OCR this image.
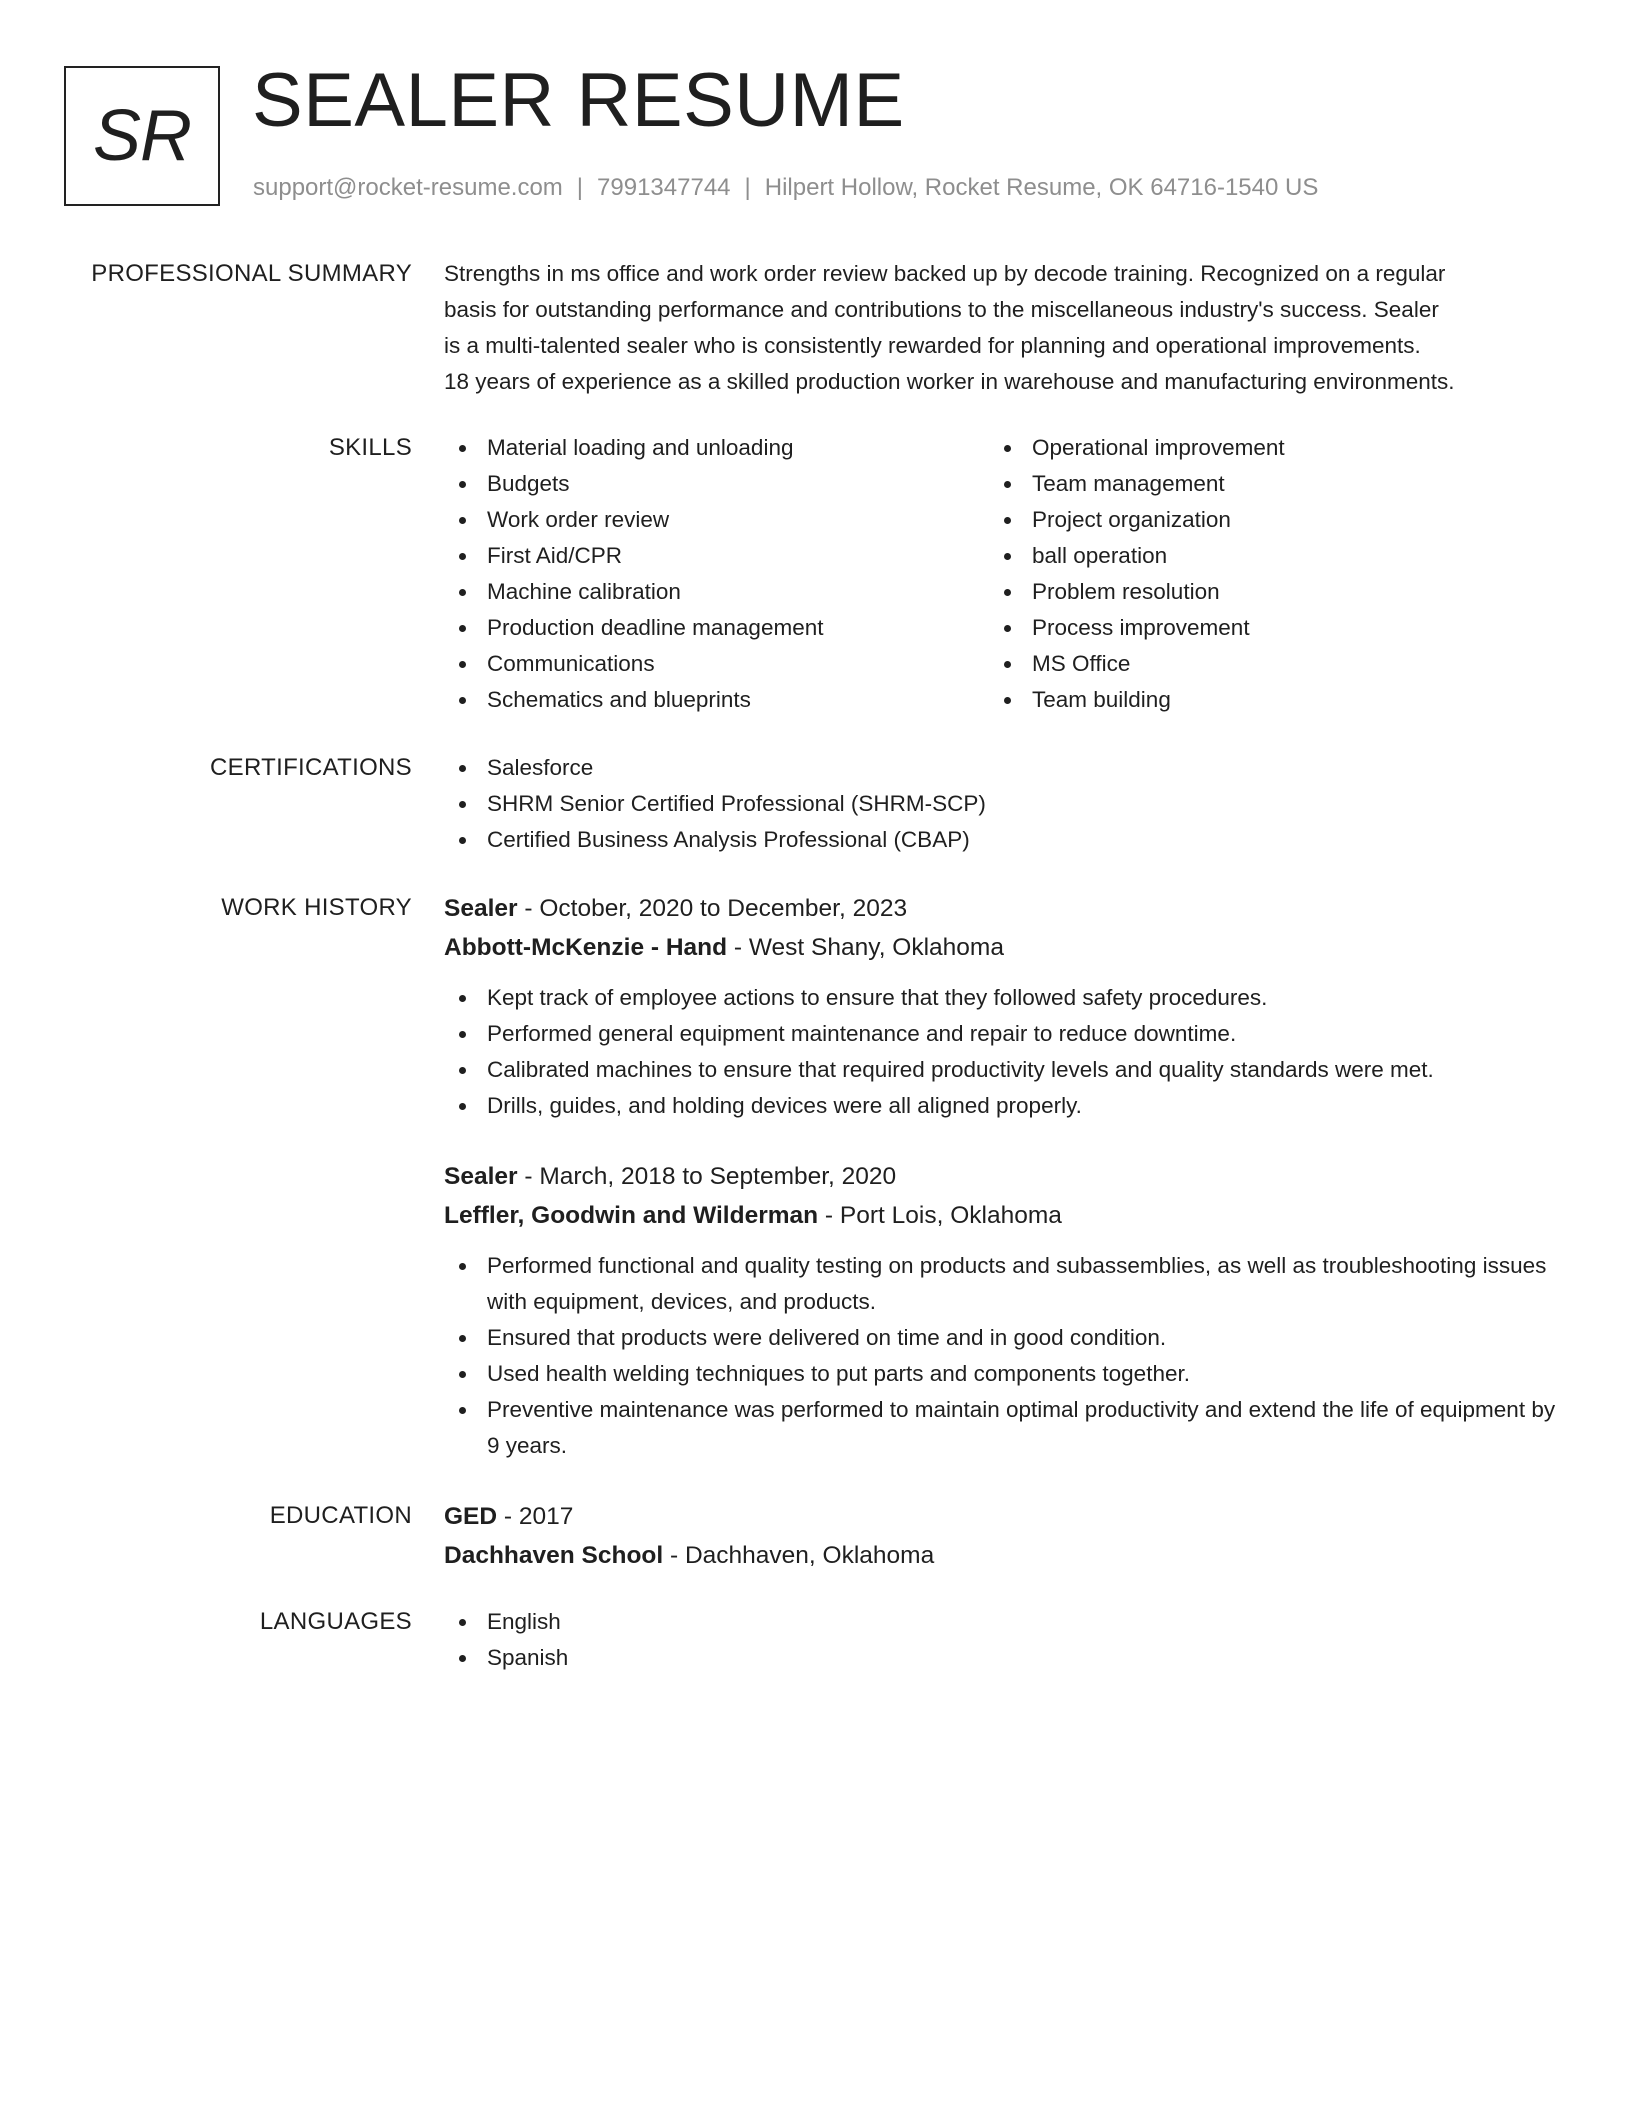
SR SEALER RESUME
support@rocket-resume.com | 7991347744 | Hilpert Hollow, Rocket Resume, OK 64716-1540 US
PROFESSIONAL SUMMARY Strengths in ms office and work order review backed up by decode training. Recognized on a regular

basis for outstanding performance and contributions to the miscellaneous industry's success. Sealer

is a multi-talented sealer who is consistently rewarded for planning and operational improvements.

18 years of experience as a skilled production worker in warehouse and manufacturing environments.

SKILLS	Material loading and unloading
Budgets
Work order review
First Aid/CPR
Machine calibration
Production deadline management
Communications
Schematics and blueprints
Operational improvement
Team management
Project organization
ball operation
Problem resolution
Process improvement
MS Office
Team building
CERTIFICATIONS	Salesforce
SHRM Senior Certified Professional (SHRM-SCP)
Certified Business Analysis Professional (CBAP)
WORK HISTORY Sealer - October, 2020 to December, 2023
Abbott-McKenzie - Hand - West Shany, Oklahoma
Kept track of employee actions to ensure that they followed safety procedures.
Performed general equipment maintenance and repair to reduce downtime.
Calibrated machines to ensure that required productivity levels and quality standards were met.
Drills, guides, and holding devices were all aligned properly.
Sealer - March, 2018 to September, 2020
Leffler, Goodwin and Wilderman - Port Lois, Oklahoma
Performed functional and quality testing on products and subassemblies, as well as troubleshooting issues with equipment, devices, and products.
Ensured that products were delivered on time and in good condition.
Used health welding techniques to put parts and components together.
Preventive maintenance was performed to maintain optimal productivity and extend the life of equipment by 9 years.
EDUCATION GED - 2017
Dachhaven School - Dachhaven, Oklahoma
LANGUAGES	English
Spanish
